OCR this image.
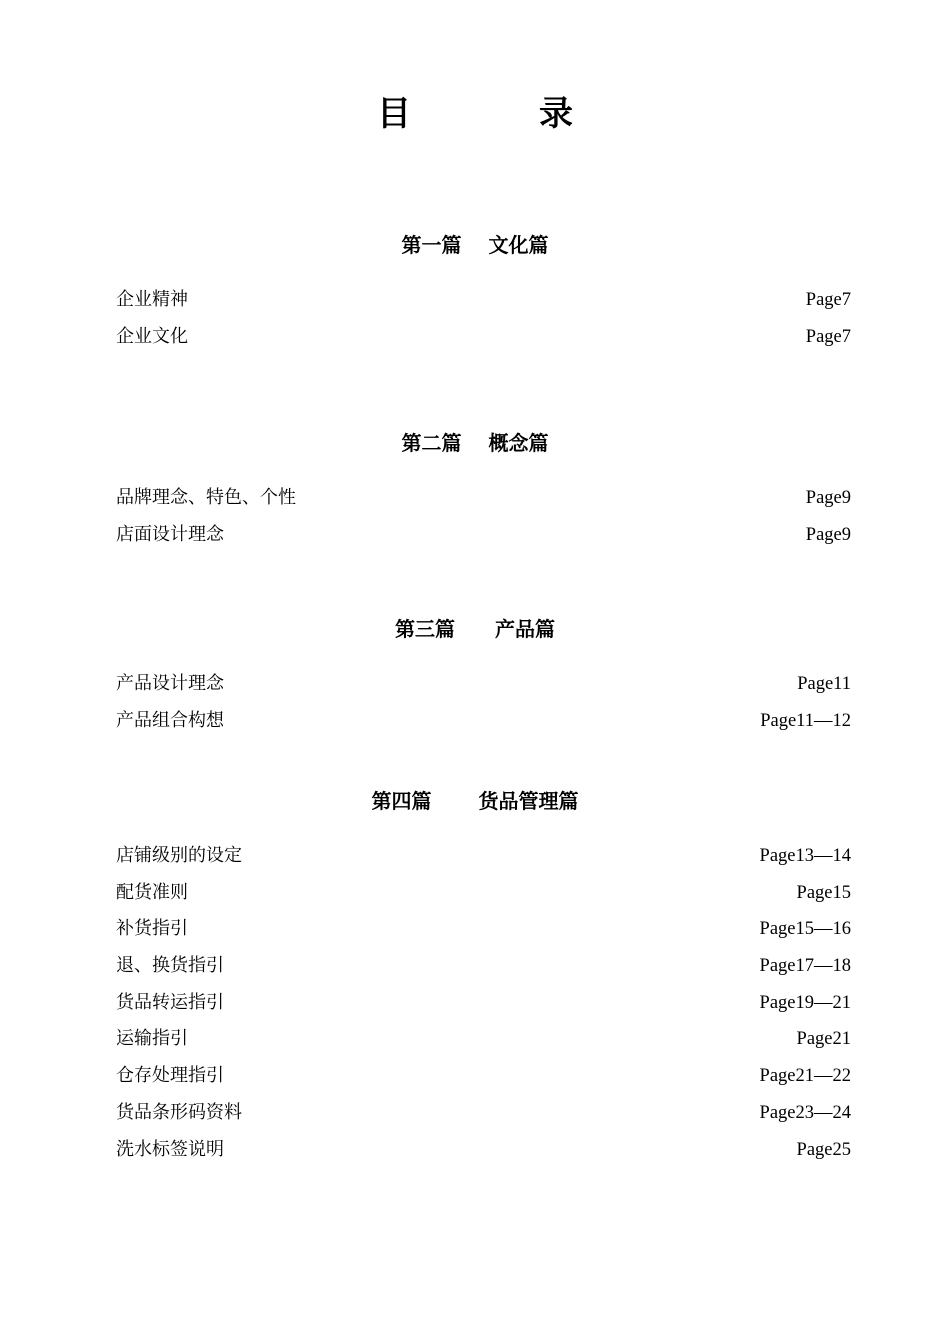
目	录
第一篇　 文化篇
企业精神	Page7
企业文化	Page7
第二篇　 概念篇
品牌理念、特色、个性	Page9
店面设计理念	Page9
第三篇　　产品篇
产品设计理念	Page11
产品组合构想	Page11—12
第四篇　　 货品管理篇
店铺级别的设定	Page13—14
配货准则	Page15
补货指引	Page15—16
退、换货指引	Page17—18
货品转运指引	Page19—21
运输指引	Page21
仓存处理指引	Page21—22
货品条形码资料	Page23—24
洗水标签说明	Page25
